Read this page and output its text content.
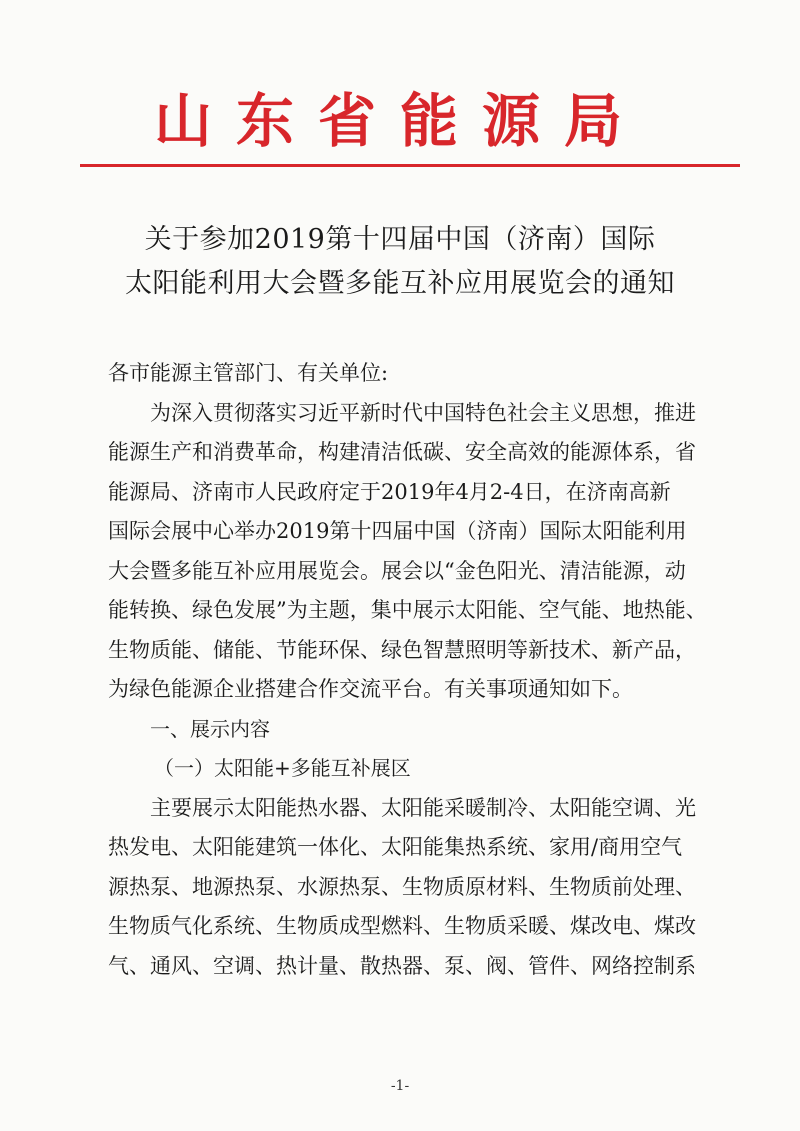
山东省能源局
关于参加2019第十四届中国（济南）国际
太阳能利用大会暨多能互补应用展览会的通知
各市能源主管部门、有关单位:
为深入贯彻落实习近平新时代中国特色社会主义思想，推进
能源生产和消费革命，构建清洁低碳、安全高效的能源体系，省
能源局、济南市人民政府定于2019年4月2-4日，在济南高新
国际会展中心举办2019第十四届中国（济南）国际太阳能利用
大会暨多能互补应用展览会。展会以“金色阳光、清洁能源，动
能转换、绿色发展”为主题，集中展示太阳能、空气能、地热能、
生物质能、储能、节能环保、绿色智慧照明等新技术、新产品，
为绿色能源企业搭建合作交流平台。有关事项通知如下。
一、展示内容
（一）太阳能+多能互补展区
主要展示太阳能热水器、太阳能采暖制冷、太阳能空调、光
热发电、太阳能建筑一体化、太阳能集热系统、家用/商用空气
源热泵、地源热泵、水源热泵、生物质原材料、生物质前处理、
生物质气化系统、生物质成型燃料、生物质采暖、煤改电、煤改
气、通风、空调、热计量、散热器、泵、阀、管件、网络控制系
-1-
